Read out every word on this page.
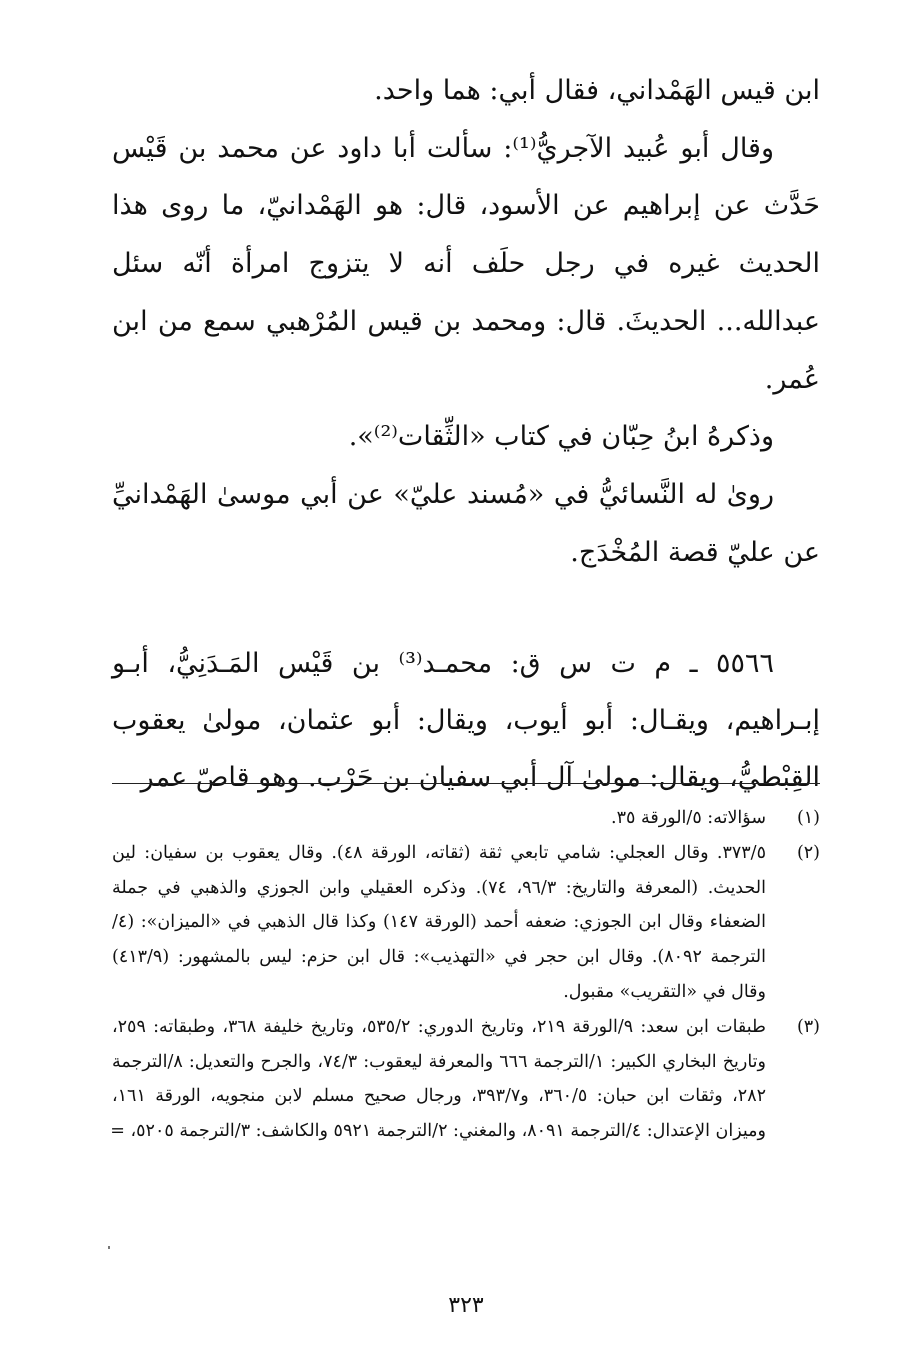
ابن قيس الهَمْداني، فقال أبي: هما واحد.

وقال أبو عُبيد الآجريُّ⁽¹⁾: سألت أبا داود عن محمد بن قَيْس حَدَّث عن إبراهيم عن الأسود، قال: هو الهَمْدانيّ، ما روى هذا الحديث غيره في رجل حلَف أنه لا يتزوج امرأة أنّه سئل عبدالله... الحديثَ. قال: ومحمد بن قيس المُرْهبي سمع من ابن عُمر.

وذكرهُ ابنُ حِبّان في كتاب «الثِّقات⁽²⁾».

روىٰ له النَّسائيُّ في «مُسند عليّ» عن أبي موسىٰ الهَمْدانيِّ عن عليّ قصة المُخْدَج.

٥٥٦٦ ـ م ت س ق: محمـد⁽³⁾ بن قَيْس المَـدَنِيُّ، أبـو إبـراهيم، ويقـال: أبو أيوب، ويقال: أبو عثمان، مولىٰ يعقوب القِبْطيُّ، ويقال: مولىٰ آل أبي سفيان بن حَرْب. وهو قاصّ عمر

(١)
سؤالاته: ٥/الورقة ٣٥.
(٢)
٣٧٣/٥. وقال العجلي: شامي تابعي ثقة (ثقاته، الورقة ٤٨). وقال يعقوب بن سفيان: لين الحديث. (المعرفة والتاريخ: ٩٦/٣، ٧٤). وذكره العقيلي وابن الجوزي والذهبي في جملة الضعفاء وقال ابن الجوزي: ضعفه أحمد (الورقة ١٤٧) وكذا قال الذهبي في «الميزان»: (٤/الترجمة ٨٠٩٢). وقال ابن حجر في «التهذيب»: قال ابن حزم: ليس بالمشهور: (٤١٣/٩) وقال في «التقريب» مقبول.
(٣)
طبقات ابن سعد: ٩/الورقة ٢١٩، وتاريخ الدوري: ٥٣٥/٢، وتاريخ خليفة ٣٦٨، وطبقاته: ٢٥٩، وتاريخ البخاري الكبير: ١/الترجمة ٦٦٦ والمعرفة ليعقوب: ٧٤/٣، والجرح والتعديل: ٨/الترجمة ٢٨٢، وثقات ابن حبان: ٣٦٠/٥، و٣٩٣/٧، ورجال صحيح مسلم لابن منجويه، الورقة ١٦١، وميزان الإعتدال: ٤/الترجمة ٨٠٩١، والمغني: ٢/الترجمة ٥٩٢١ والكاشف: ٣/الترجمة ٥٢٠٥، =
٣٢٣
